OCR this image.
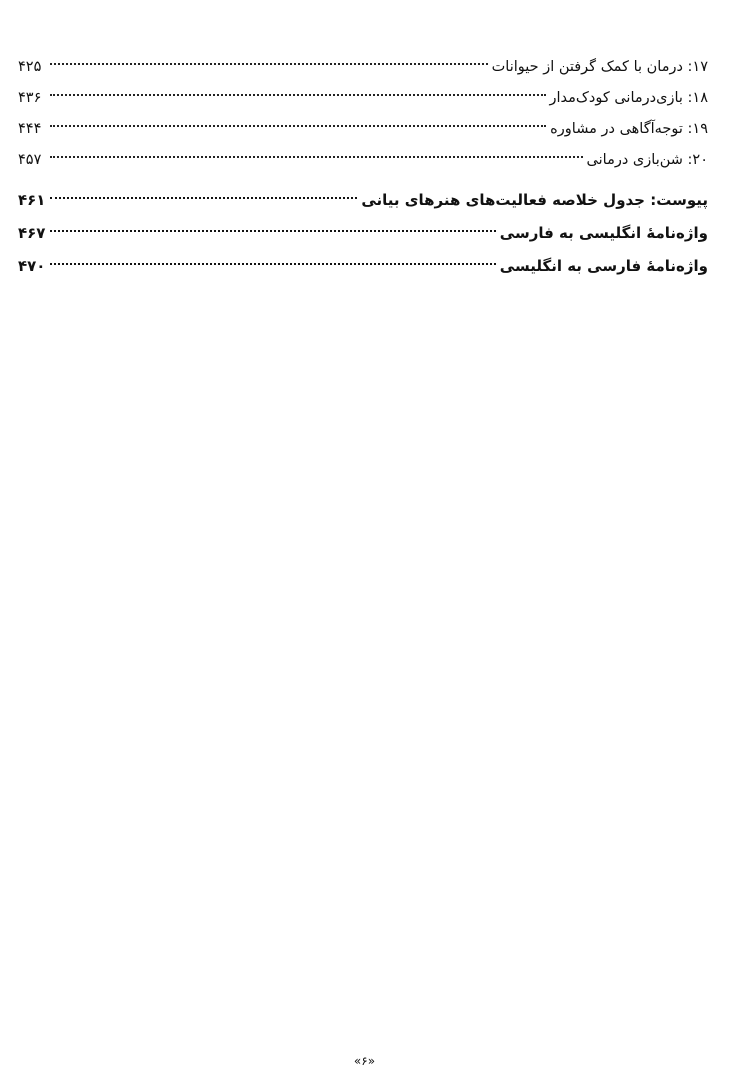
۱۷: درمان با کمک گرفتن از حیوانات
۴۲۵
۱۸: بازی‌درمانی کودک‌مدار
۴۳۶
۱۹: توجه‌آگاهی در مشاوره
۴۴۴
۲۰: شن‌بازی درمانی
۴۵۷
پیوست: جدول خلاصه فعالیت‌های هنرهای بیانی
۴۶۱
واژه‌نامهٔ انگلیسی به فارسی
۴۶۷
واژه‌نامهٔ فارسی به انگلیسی
۴۷۰
«۶»
